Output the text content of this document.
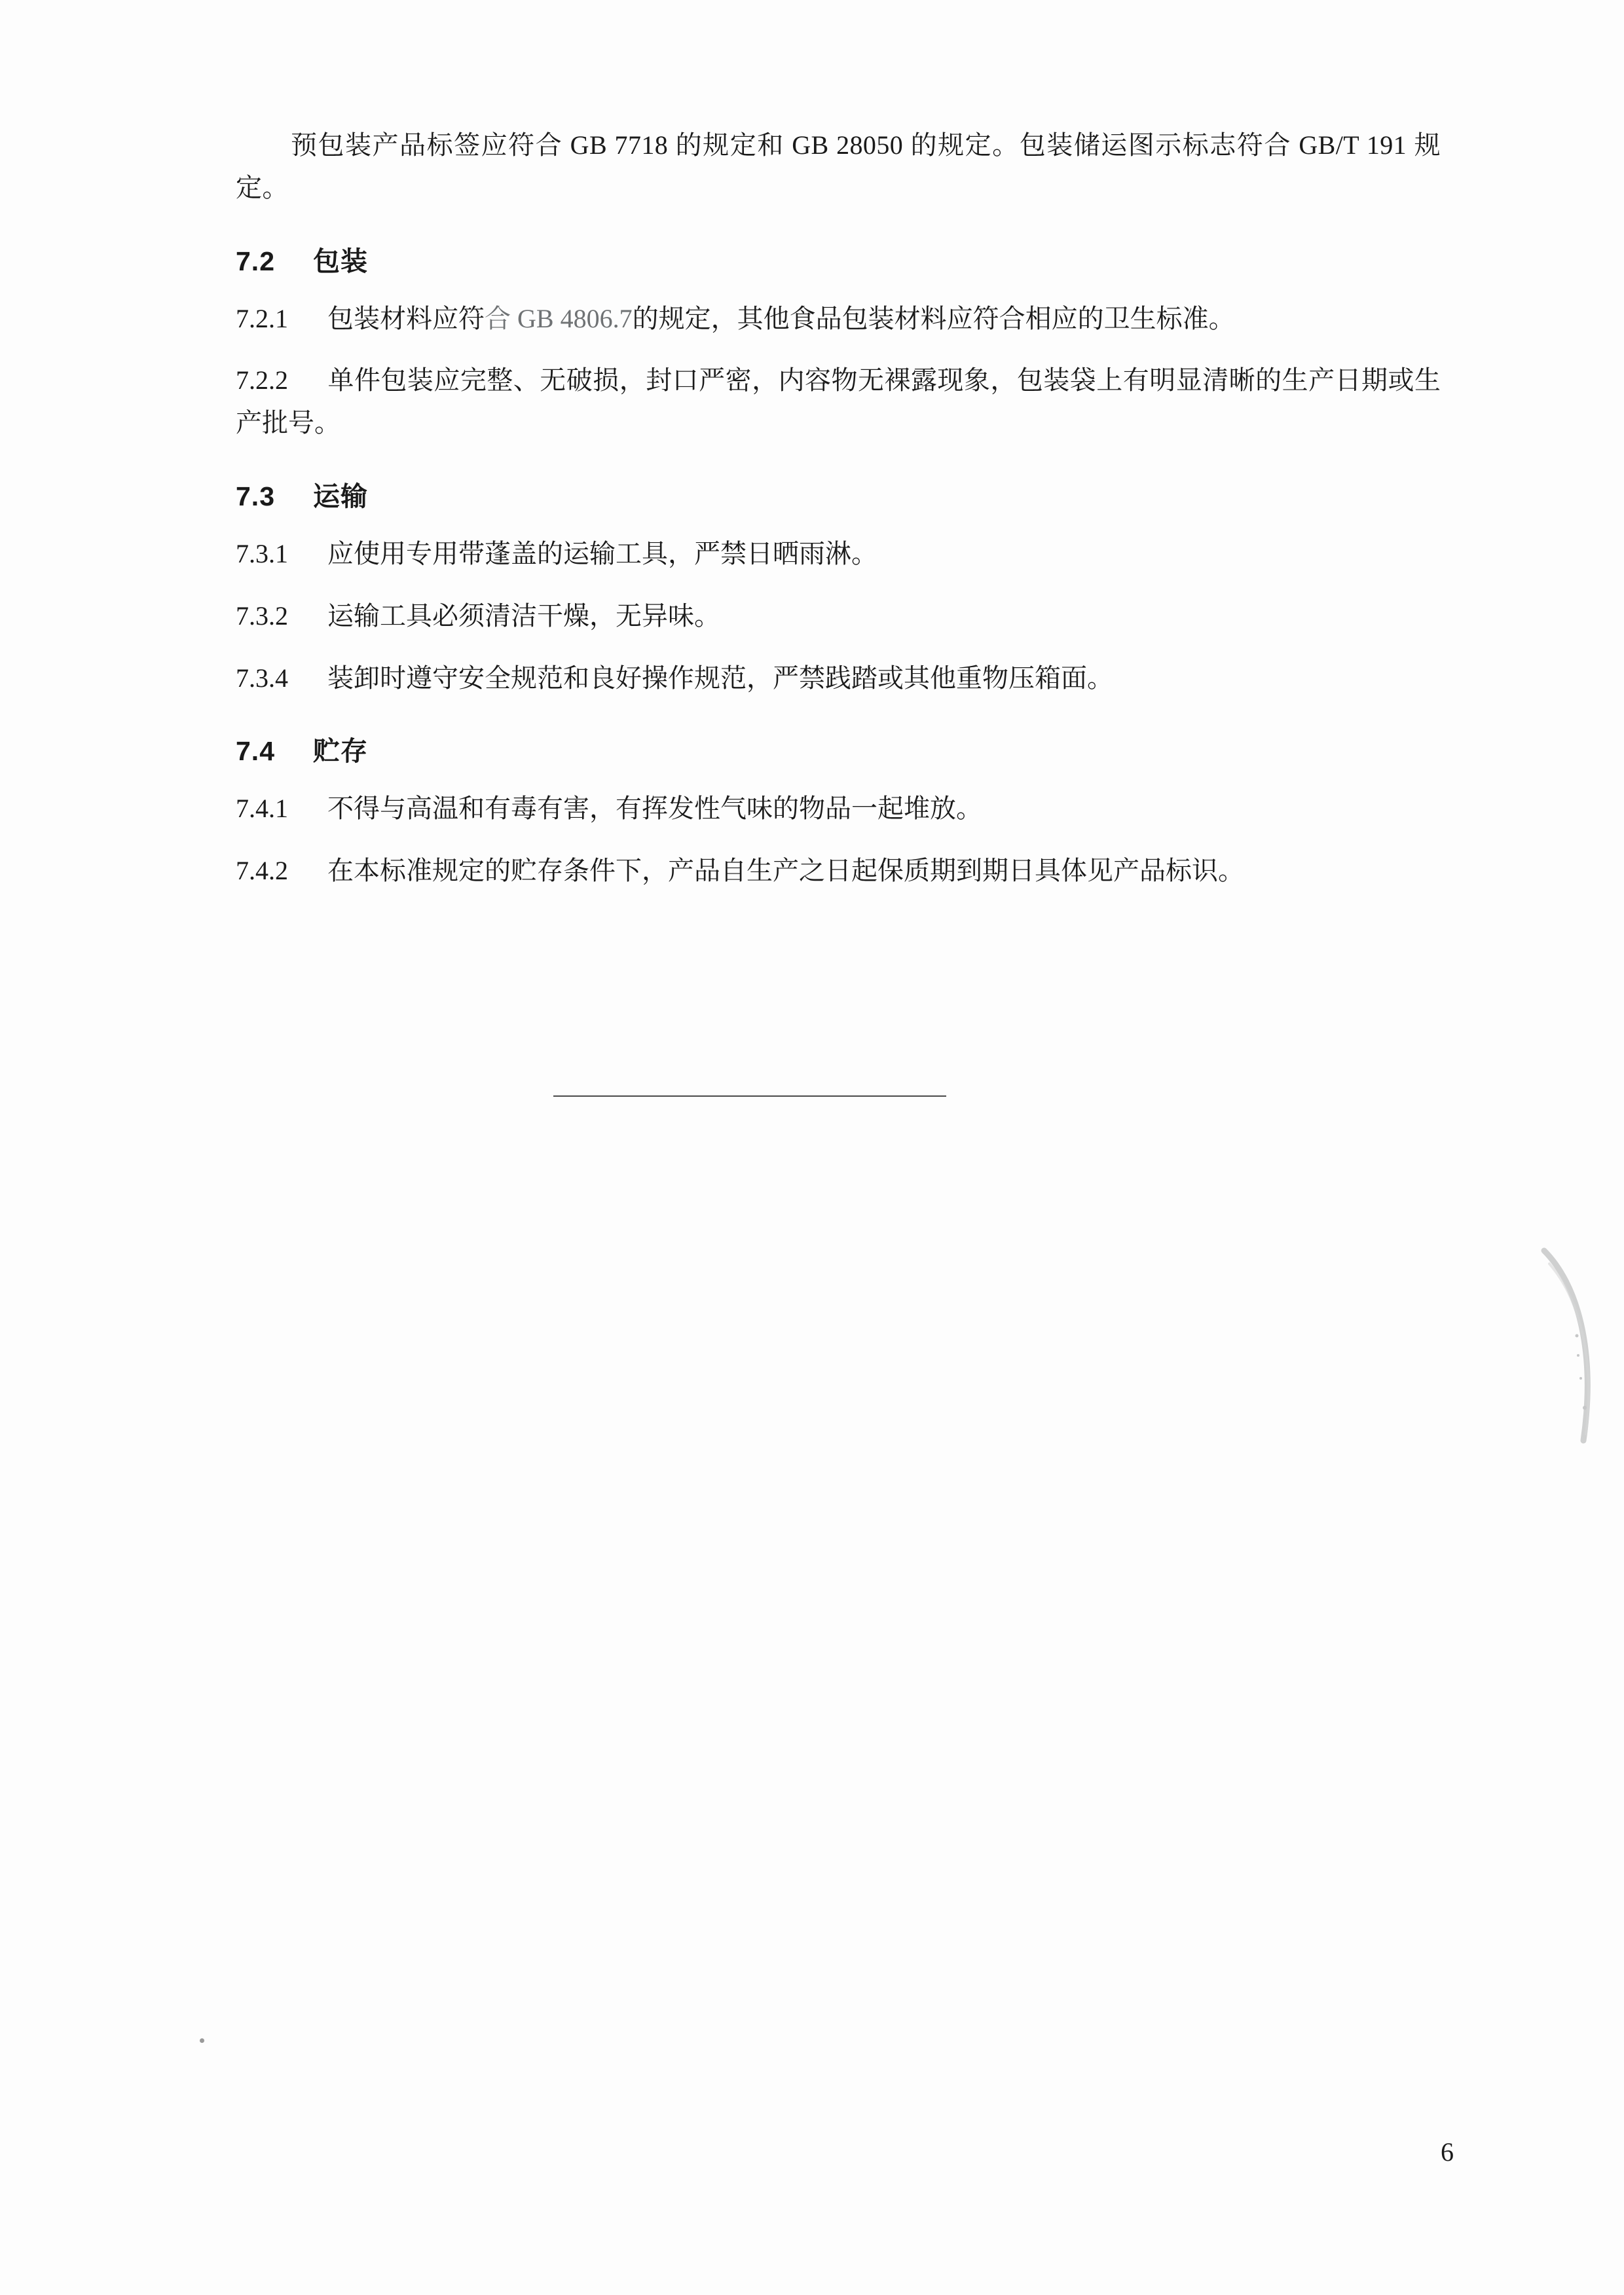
预包装产品标签应符合 GB 7718 的规定和 GB 28050 的规定。包装储运图示标志符合 GB/T 191 规定。

7.2 包装

7.2.1 包装材料应符合 GB 4806.7的规定，其他食品包装材料应符合相应的卫生标准。

7.2.2 单件包装应完整、无破损，封口严密，内容物无裸露现象，包装袋上有明显清晰的生产日期或生产批号。

7.3 运输

7.3.1 应使用专用带蓬盖的运输工具，严禁日晒雨淋。

7.3.2 运输工具必须清洁干燥，无异味。

7.3.4 装卸时遵守安全规范和良好操作规范，严禁践踏或其他重物压箱面。

7.4 贮存

7.4.1 不得与高温和有毒有害，有挥发性气味的物品一起堆放。

7.4.2 在本标准规定的贮存条件下，产品自生产之日起保质期到期日具体见产品标识。

6
